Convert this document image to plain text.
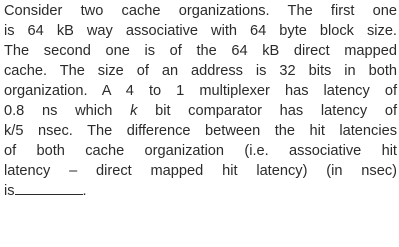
Consider two cache organizations. The first one
is 64 kB way associative with 64 byte block size.
The second one is of the 64 kB direct mapped
cache. The size of an address is 32 bits in both
organization. A 4 to 1 multiplexer has latency of
0.8 ns which k bit comparator has latency of
k/5 nsec. The difference between the hit latencies
of both cache organization (i.e. associative hit
latency – direct mapped hit latency) (in nsec)
is	.
